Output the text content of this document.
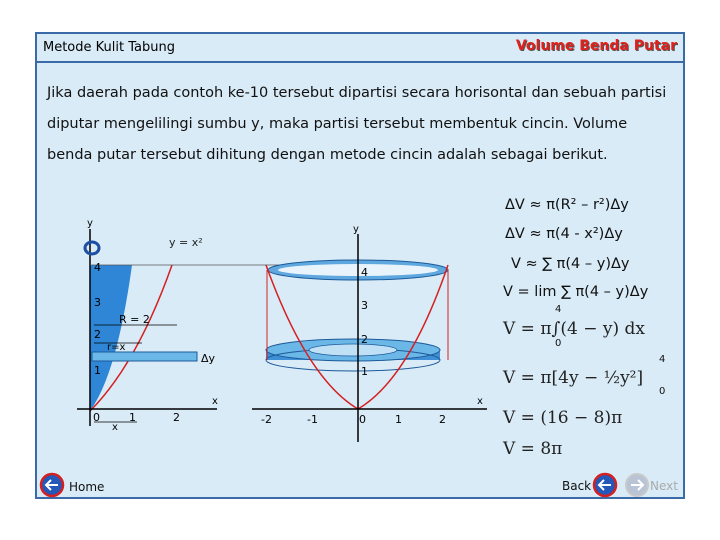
Metode Kulit Tabung	Volume Benda Putar
Jika daerah pada contoh ke-10 tersebut dipartisi secara horisontal dan sebuah partisi diputar mengelilingi sumbu y, maka partisi tersebut membentuk cincin. Volume benda putar tersebut dihitung dengan metode cincin adalah sebagai berikut.
ΔV ≈ π(R² – r²)Δy
ΔV ≈ π(4 - x²)Δy
V ≈ ∑ π(4 – y)Δy
V = lim ∑ π(4 – y)Δy
V = π∫(4 − y) dx
4
0
V = π[4y − ½y²]
4
0
V = (16 − 8)π
V = 8π
y
x
y = x²
R = 2
r=x
Δy
x
1
2
3
4
0	1	2
y
x
1
2
3
4
-2	-1	0	1	2
Home	Back	Next
